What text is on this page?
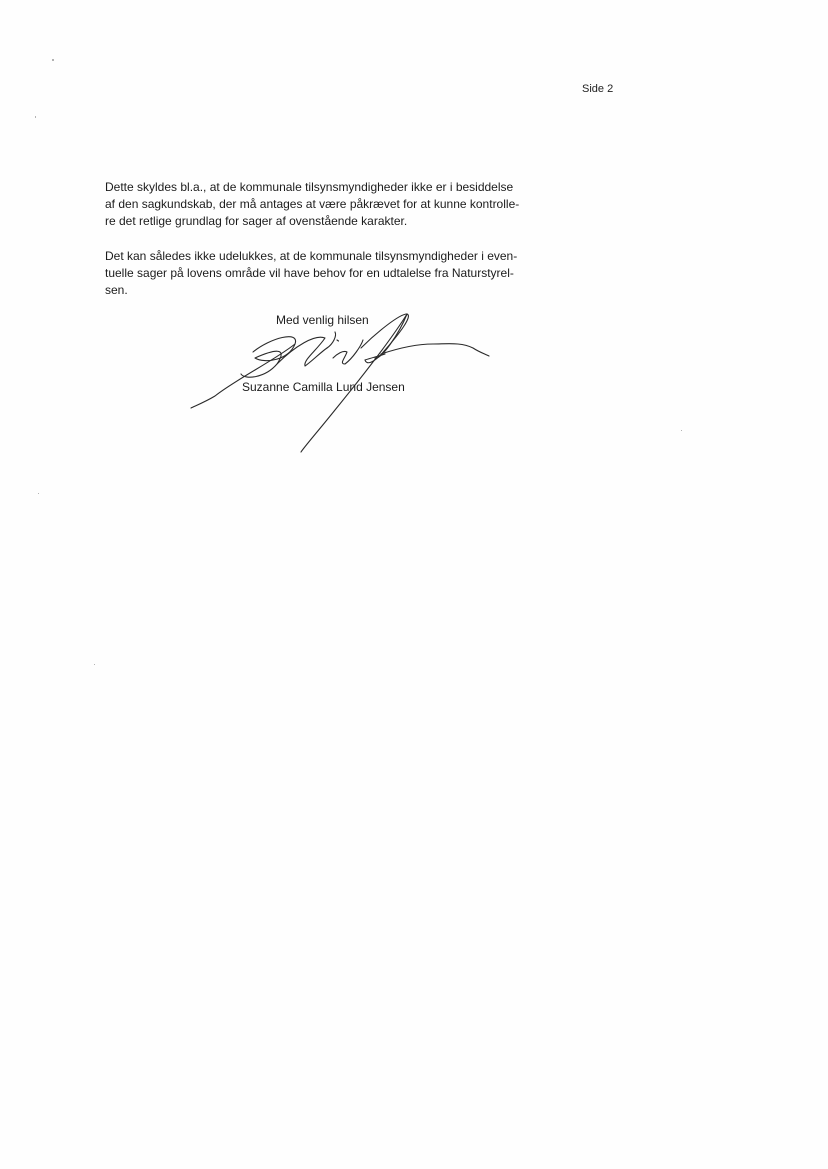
Side 2

Dette skyldes bl.a., at de kommunale tilsynsmyndigheder ikke er i besiddelse
af den sagkundskab, der må antages at være påkrævet for at kunne kontrolle-
re det retlige grundlag for sager af ovenstående karakter.

Det kan således ikke udelukkes, at de kommunale tilsynsmyndigheder i even-
tuelle sager på lovens område vil have behov for en udtalelse fra Naturstyrel-
sen.

Med venlig hilsen
Suzanne Camilla Lund Jensen
